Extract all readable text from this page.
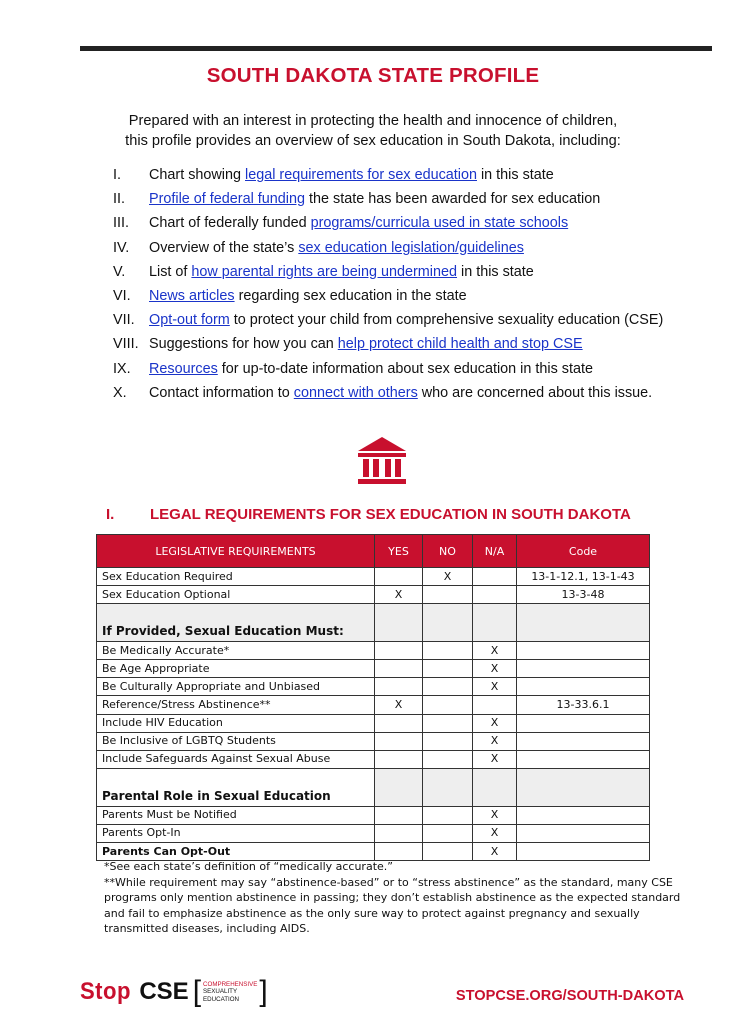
SOUTH DAKOTA STATE PROFILE
Prepared with an interest in protecting the health and innocence of children,
this profile provides an overview of sex education in South Dakota, including:
I.	Chart showing legal requirements for sex education in this state
II.	Profile of federal funding the state has been awarded for sex education
III.	Chart of federally funded programs/curricula used in state schools
IV.	Overview of the state’s sex education legislation/guidelines
V.	List of how parental rights are being undermined in this state
VI.	News articles regarding sex education in the state
VII.	Opt-out form to protect your child from comprehensive sexuality education (CSE)
VIII. Suggestions for how you can help protect child health and stop CSE
IX.	Resources for up-to-date information about sex education in this state
X.	Contact information to connect with others who are concerned about this issue.
I. LEGAL REQUIREMENTS FOR SEX EDUCATION IN SOUTH DAKOTA
LEGISLATIVE REQUIREMENTS	YES	NO	N/A	Code
Sex Education Required		X		13-1-12.1, 13-1-43
Sex Education Optional	X			13-3-48
If Provided, Sexual Education Must:				
Be Medically Accurate*			X	
Be Age Appropriate			X	
Be Culturally Appropriate and Unbiased			X	
Reference/Stress Abstinence**	X			13-33.6.1
Include HIV Education			X	
Be Inclusive of LGBTQ Students			X	
Include Safeguards Against Sexual Abuse			X	
Parental Role in Sexual Education				
Parents Must be Notified			X	
Parents Opt-In			X	
Parents Can Opt-Out			X	

*See each state’s definition of “medically accurate.”

**While requirement may say “abstinence-based” or to “stress abstinence” as the standard, many CSE programs only mention abstinence in passing; they don’t establish abstinence as the expected standard and fail to emphasize abstinence as the only sure way to protect against pregnancy and sexually transmitted diseases, including AIDS.

Stop CSE [ COMPREHENSIVE
SEXUALITY
EDUCATION ]	STOPCSE.ORG/SOUTH-DAKOTA
